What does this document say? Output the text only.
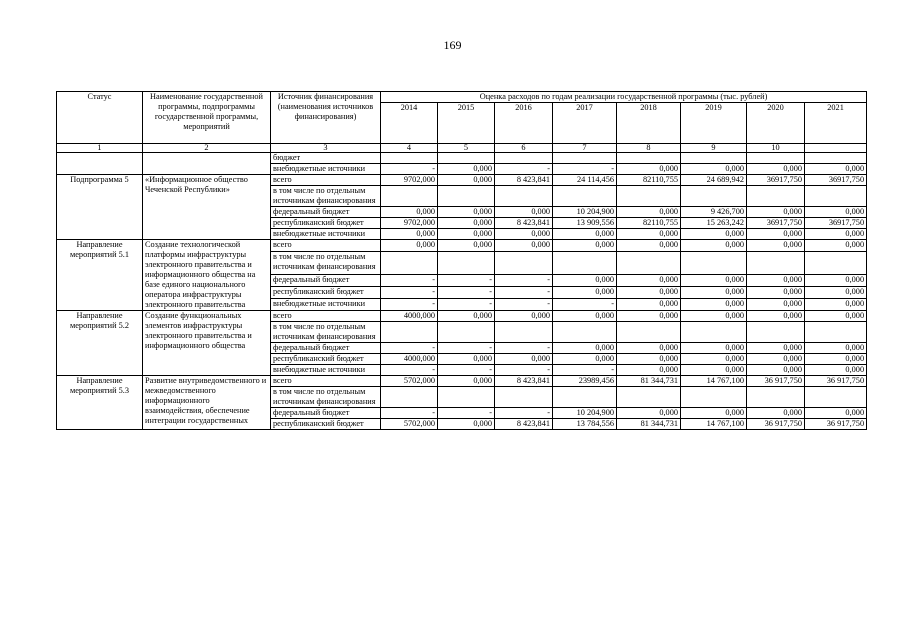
169
Статус	Наименование государственной программы, подпрограммы государственной программы, мероприятий	Источник финансирования (наименования источников финансирования)	Оценка расходов по годам реализации государственной программы (тыс. рублей)							
			2014	2015	2016	2017	2018	2019	2020	2021
1	2	3	4	5	6	7	8	9	10	
		бюджет								
		внебюджетные источники	-	0,000	-	-	0,000	0,000	0,000	0,000
Подпрограмма 5	«Информационное общество Чеченской Республики»	всего	9702,000	0,000	8 423,841	24 114,456	82110,755	24 689,942	36917,750	36917,750
		в том числе по отдельным источникам финансирования								
		федеральный бюджет	0,000	0,000	0,000	10 204,900	0,000	9 426,700	0,000	0,000
		республиканский бюджет	9702,000	0,000	8 423,841	13 909,556	82110,755	15 263,242	36917,750	36917,750
		внебюджетные источники	0,000	0,000	0,000	0,000	0,000	0,000	0,000	0,000
Направление мероприятий 5.1	Создание технологической платформы инфраструктуры электронного правительства и информационного общества на базе единого национального оператора инфраструктуры электронного правительства	всего	0,000	0,000	0,000	0,000	0,000	0,000	0,000	0,000
		в том числе по отдельным источникам финансирования								
		федеральный бюджет	-	-	-	0,000	0,000	0,000	0,000	0,000
		республиканский бюджет	-	-	-	0,000	0,000	0,000	0,000	0,000
		внебюджетные источники	-	-	-	-	0,000	0,000	0,000	0,000
Направление мероприятий 5.2	Создание функциональных элементов инфраструктуры электронного правительства и информационного общества	всего	4000,000	0,000	0,000	0,000	0,000	0,000	0,000	0,000
		в том числе по отдельным источникам финансирования								
		федеральный бюджет	-	-	-	0,000	0,000	0,000	0,000	0,000
		республиканский бюджет	4000,000	0,000	0,000	0,000	0,000	0,000	0,000	0,000
		внебюджетные источники	-	-	-	-	0,000	0,000	0,000	0,000
Направление мероприятий 5.3	Развитие внутриведомственного и межведомственного информационного взаимодействия, обеспечение интеграции государственных	всего	5702,000	0,000	8 423,841	23989,456	81 344,731	14 767,100	36 917,750	36 917,750
		в том числе по отдельным источникам финансирования								
		федеральный бюджет	-	-	-	10 204,900	0,000	0,000	0,000	0,000
		республиканский бюджет	5702,000	0,000	8 423,841	13 784,556	81 344,731	14 767,100	36 917,750	36 917,750
